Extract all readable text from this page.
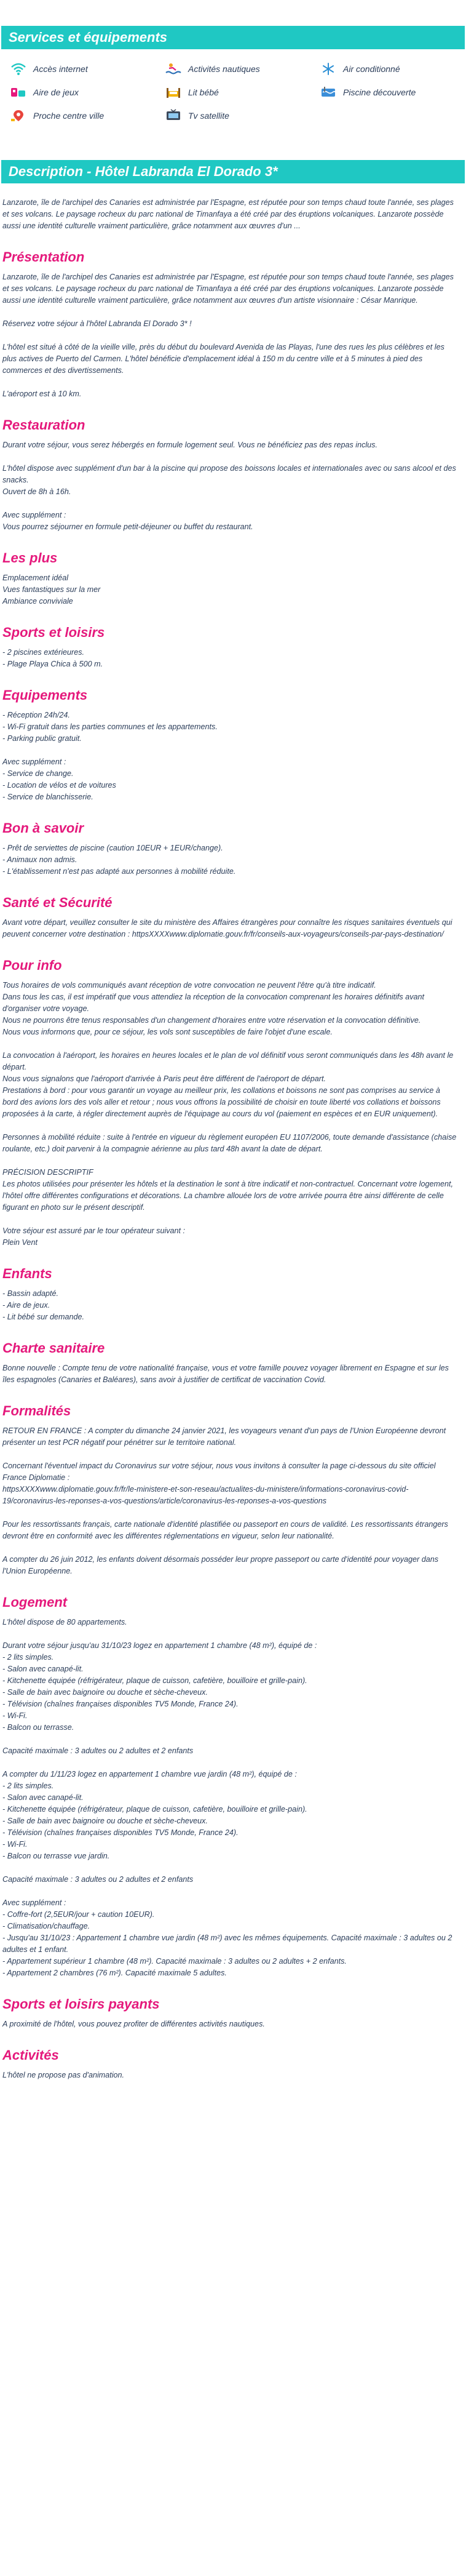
Services et équipements
Accès internet	Activités nautiques	Air conditionné
Aire de jeux	Lit bébé	Piscine découverte
Proche centre ville	Tv satellite
Description - Hôtel Labranda El Dorado 3*

Lanzarote, île de l'archipel des Canaries est administrée par l'Espagne, est réputée pour son temps chaud toute l'année, ses plages et ses volcans. Le paysage rocheux du parc national de Timanfaya a été créé par des éruptions volcaniques. Lanzarote possède aussi une identité culturelle vraiment particulière, grâce notamment aux œuvres d'un ...

Présentation

Lanzarote, île de l'archipel des Canaries est administrée par l'Espagne, est réputée pour son temps chaud toute l'année, ses plages et ses volcans. Le paysage rocheux du parc national de Timanfaya a été créé par des éruptions volcaniques. Lanzarote possède aussi une identité culturelle vraiment particulière, grâce notamment aux œuvres d'un artiste visionnaire : César Manrique.

Réservez votre séjour à l'hôtel Labranda El Dorado 3* !

L'hôtel est situé à côté de la vieille ville, près du début du boulevard Avenida de las Playas, l'une des rues les plus célèbres et les plus actives de Puerto del Carmen. L'hôtel bénéficie d'emplacement idéal à 150 m du centre ville et à 5 minutes à pied des commerces et des divertissements.

L'aéroport est à 10 km.

Restauration

Durant votre séjour, vous serez hébergés en formule logement seul. Vous ne bénéficiez pas des repas inclus.

L'hôtel dispose avec supplément d'un bar à la piscine qui propose des boissons locales et internationales avec ou sans alcool et des snacks.

Ouvert de 8h à 16h.

Avec supplément :

Vous pourrez séjourner en formule petit-déjeuner ou buffet du restaurant.

Les plus

Emplacement idéal

Vues fantastiques sur la mer

Ambiance conviviale

Sports et loisirs

- 2 piscines extérieures.

- Plage Playa Chica à 500 m.

Equipements

- Réception 24h/24.

- Wi-Fi gratuit dans les parties communes et les appartements.

- Parking public gratuit.

Avec supplément :

- Service de change.

- Location de vélos et de voitures

- Service de blanchisserie.

Bon à savoir

- Prêt de serviettes de piscine (caution 10EUR + 1EUR/change).

- Animaux non admis.

- L'établissement n'est pas adapté aux personnes à mobilité réduite.

Santé et Sécurité

Avant votre départ, veuillez consulter le site du ministère des Affaires étrangères pour connaître les risques sanitaires éventuels qui peuvent concerner votre destination : httpsXXXXwww.diplomatie.gouv.fr/fr/conseils-aux-voyageurs/conseils-par-pays-destination/

Pour info

Tous horaires de vols communiqués avant réception de votre convocation ne peuvent l'être qu'à titre indicatif.

Dans tous les cas, il est impératif que vous attendiez la réception de la convocation comprenant les horaires définitifs avant d'organiser votre voyage.

Nous ne pourrons être tenus responsables d'un changement d'horaires entre votre réservation et la convocation définitive.

Nous vous informons que, pour ce séjour, les vols sont susceptibles de faire l'objet d'une escale.

La convocation à l'aéroport, les horaires en heures locales et le plan de vol définitif vous seront communiqués dans les 48h avant le départ.

Nous vous signalons que l'aéroport d'arrivée à Paris peut être différent de l'aéroport de départ.

Prestations à bord : pour vous garantir un voyage au meilleur prix, les collations et boissons ne sont pas comprises au service à bord des avions lors des vols aller et retour ; nous vous offrons la possibilité de choisir en toute liberté vos collations et boissons proposées à la carte, à régler directement auprès de l'équipage au cours du vol (paiement en espèces et en EUR uniquement).

Personnes à mobilité réduite : suite à l'entrée en vigueur du règlement européen EU 1107/2006, toute demande d'assistance (chaise roulante, etc.) doit parvenir à la compagnie aérienne au plus tard 48h avant la date de départ.

PRÉCISION DESCRIPTIF

Les photos utilisées pour présenter les hôtels et la destination le sont à titre indicatif et non-contractuel. Concernant votre logement, l'hôtel offre différentes configurations et décorations. La chambre allouée lors de votre arrivée pourra être ainsi différente de celle figurant en photo sur le présent descriptif.

Votre séjour est assuré par le tour opérateur suivant :

Plein Vent

Enfants

- Bassin adapté.

- Aire de jeux.

- Lit bébé sur demande.

Charte sanitaire

Bonne nouvelle : Compte tenu de votre nationalité française, vous et votre famille pouvez voyager librement en Espagne et sur les îles espagnoles (Canaries et Baléares), sans avoir à justifier de certificat de vaccination Covid.

Formalités

RETOUR EN FRANCE : A compter du dimanche 24 janvier 2021, les voyageurs venant d'un pays de l'Union Européenne devront présenter un test PCR négatif pour pénétrer sur le territoire national.

Concernant l'éventuel impact du Coronavirus sur votre séjour, nous vous invitons à consulter la page ci-dessous du site officiel France Diplomatie :

httpsXXXXwww.diplomatie.gouv.fr/fr/le-ministere-et-son-reseau/actualites-du-ministere/informations-coronavirus-covid-19/coronavirus-les-reponses-a-vos-questions/article/coronavirus-les-reponses-a-vos-questions

Pour les ressortissants français, carte nationale d'identité plastifiée ou passeport en cours de validité. Les ressortissants étrangers devront être en conformité avec les différentes réglementations en vigueur, selon leur nationalité.

A compter du 26 juin 2012, les enfants doivent désormais posséder leur propre passeport ou carte d'identité pour voyager dans l'Union Européenne.

Logement

L'hôtel dispose de 80 appartements.

Durant votre séjour jusqu'au 31/10/23 logez en appartement 1 chambre (48 m²), équipé de :

- 2 lits simples.

- Salon avec canapé-lit.

- Kitchenette équipée (réfrigérateur, plaque de cuisson, cafetière, bouilloire et grille-pain).

- Salle de bain avec baignoire ou douche et sèche-cheveux.

- Télévision (chaînes françaises disponibles TV5 Monde, France 24).

- Wi-Fi.

- Balcon ou terrasse.

Capacité maximale : 3 adultes ou 2 adultes et 2 enfants

A compter du 1/11/23 logez en appartement 1 chambre vue jardin (48 m²), équipé de :

- 2 lits simples.

- Salon avec canapé-lit.

- Kitchenette équipée (réfrigérateur, plaque de cuisson, cafetière, bouilloire et grille-pain).

- Salle de bain avec baignoire ou douche et sèche-cheveux.

- Télévision (chaînes françaises disponibles TV5 Monde, France 24).

- Wi-Fi.

- Balcon ou terrasse vue jardin.

Capacité maximale : 3 adultes ou 2 adultes et 2 enfants

Avec supplément :

- Coffre-fort (2,5EUR/jour + caution 10EUR).

- Climatisation/chauffage.

- Jusqu'au 31/10/23 : Appartement 1 chambre vue jardin (48 m²) avec les mêmes équipements. Capacité maximale : 3 adultes ou 2 adultes et 1 enfant.

- Appartement supérieur 1 chambre (48 m²). Capacité maximale : 3 adultes ou 2 adultes + 2 enfants.

- Appartement 2 chambres (76 m²). Capacité maximale 5 adultes.

Sports et loisirs payants

A proximité de l'hôtel, vous pouvez profiter de différentes activités nautiques.

Activités

L'hôtel ne propose pas d'animation.
